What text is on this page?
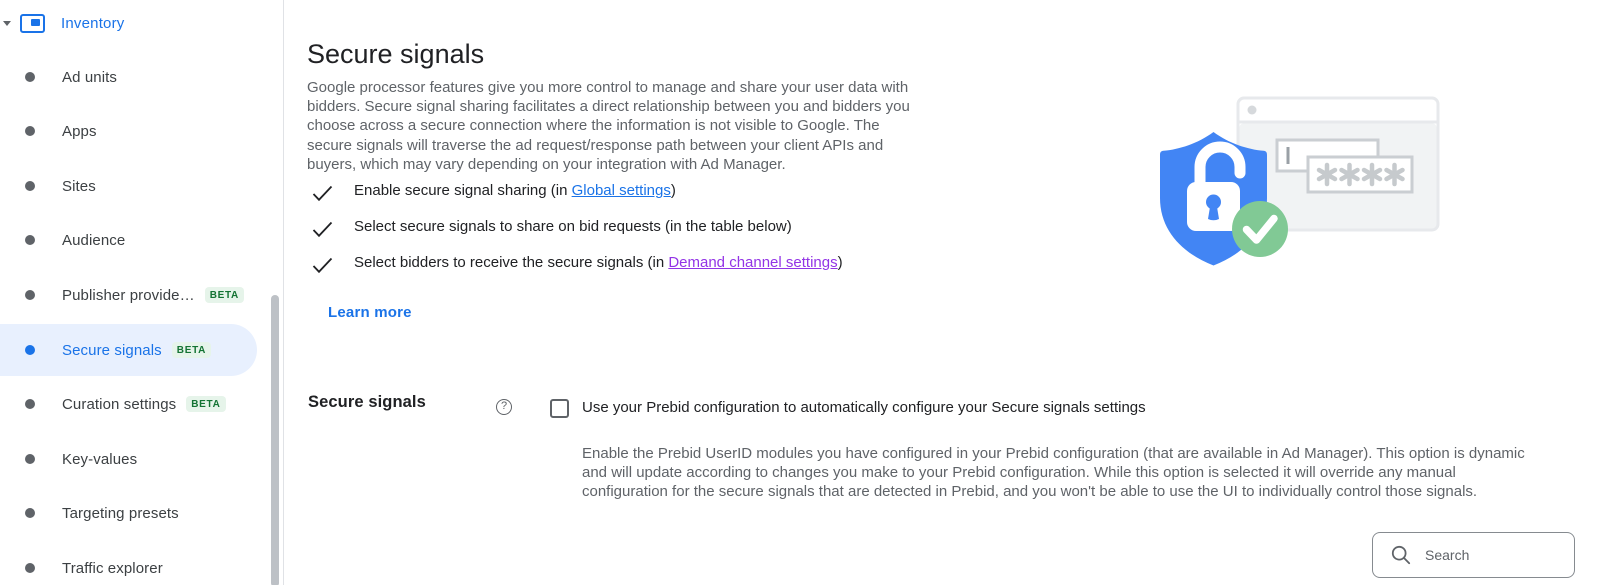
Inventory
Ad units
Apps
Sites
Audience
Publisher provide…	BETA
Secure signals	BETA
Curation settings	BETA
Key-values
Targeting presets
Traffic explorer
Secure signals

Google processor features give you more control to manage and share your user data with bidders. Secure signal sharing facilitates a direct relationship between you and bidders you choose across a secure connection where the information is not visible to Google. The secure signals will traverse the ad request/response path between your client APIs and buyers, which may vary depending on your integration with Ad Manager.

Enable secure signal sharing (in Global settings)
Select secure signals to share on bid requests (in the table below)
Select bidders to receive the secure signals (in Demand channel settings)
Learn more
Secure signals	?	Use your Prebid configuration to automatically configure your Secure signals settings

Enable the Prebid UserID modules you have configured in your Prebid configuration (that are available in Ad Manager). This option is dynamic and will update according to changes you make to your Prebid configuration. While this option is selected it will override any manual configuration for the secure signals that are detected in Prebid, and you won't be able to use the UI to individually control those signals.

Search
